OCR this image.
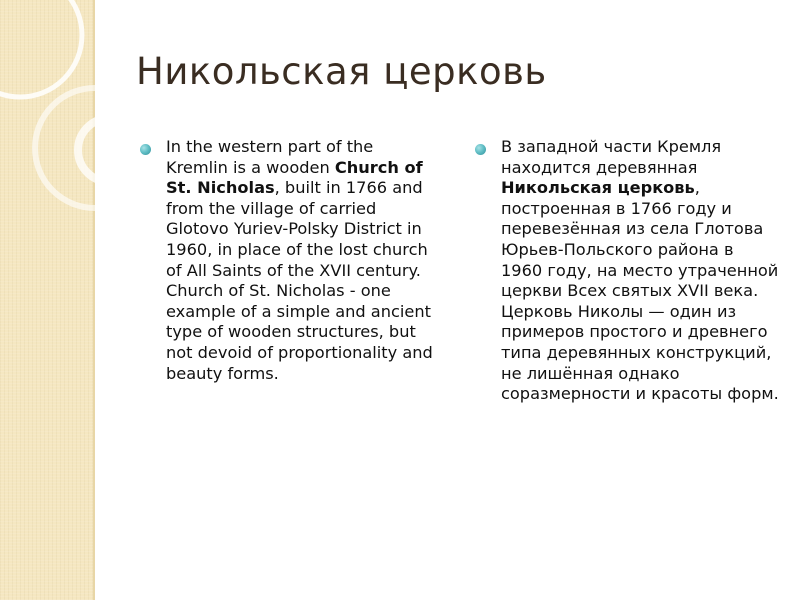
Никольская церковь

In the western part of the Kremlin is a wooden Church of St. Nicholas, built in 1766 and from the village of carried Glotovo Yuriev-Polsky District in 1960, in place of the lost church of All Saints of the XVII century. Church of St. Nicholas - one example of a simple and ancient type of wooden structures, but not devoid of proportionality and beauty forms.

В западной части Кремля находится деревянная Никольская церковь, построенная в 1766 году и перевезённая из села Глотова Юрьев-Польского района в 1960 году, на место утраченной церкви Всех святых XVII века. Церковь Николы — один из примеров простого и древнего типа деревянных конструкций, не лишённая однако соразмерности и красоты форм.
